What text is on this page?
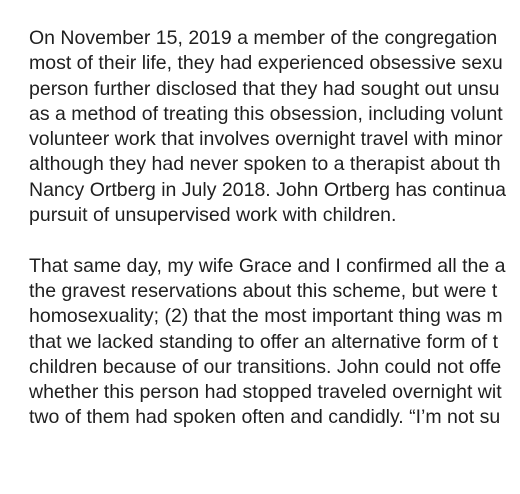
On November 15, 2019 a member of the congregation
most of their life, they had experienced obsessive sexu
person further disclosed that they had sought out unsu
as a method of treating this obsession, including volunt
volunteer work that involves overnight travel with minor
although they had never spoken to a therapist about th
Nancy Ortberg in July 2018. John Ortberg has continua
pursuit of unsupervised work with children.
That same day, my wife Grace and I confirmed all the a
the gravest reservations about this scheme, but were t
homosexuality; (2) that the most important thing was m
that we lacked standing to offer an alternative form of t
children because of our transitions. John could not offe
whether this person had stopped traveled overnight wit
two of them had spoken often and candidly. “I’m not su
